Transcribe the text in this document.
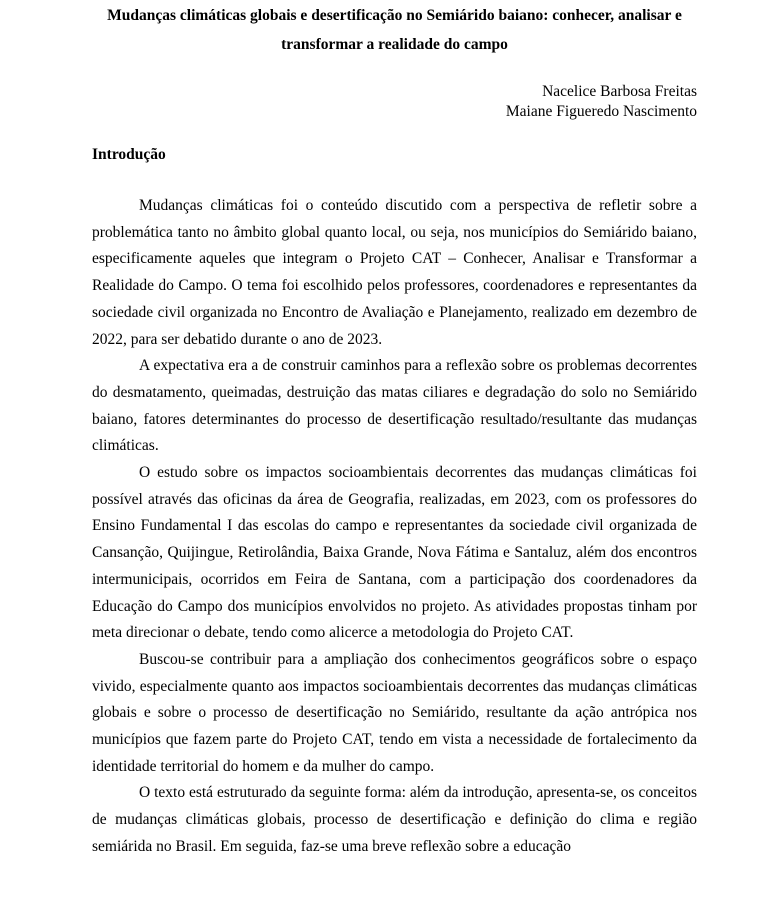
Mudanças climáticas globais e desertificação no Semiárido baiano: conhecer, analisar e transformar a realidade do campo
Nacelice Barbosa Freitas
Maiane Figueredo Nascimento
Introdução

Mudanças climáticas foi o conteúdo discutido com a perspectiva de refletir sobre a problemática tanto no âmbito global quanto local, ou seja, nos municípios do Semiárido baiano, especificamente aqueles que integram o Projeto CAT – Conhecer, Analisar e Transformar a Realidade do Campo. O tema foi escolhido pelos professores, coordenadores e representantes da sociedade civil organizada no Encontro de Avaliação e Planejamento, realizado em dezembro de 2022, para ser debatido durante o ano de 2023.

A expectativa era a de construir caminhos para a reflexão sobre os problemas decorrentes do desmatamento, queimadas, destruição das matas ciliares e degradação do solo no Semiárido baiano, fatores determinantes do processo de desertificação resultado/resultante das mudanças climáticas.

O estudo sobre os impactos socioambientais decorrentes das mudanças climáticas foi possível através das oficinas da área de Geografia, realizadas, em 2023, com os professores do Ensino Fundamental I das escolas do campo e representantes da sociedade civil organizada de Cansanção, Quijingue, Retirolândia, Baixa Grande, Nova Fátima e Santaluz, além dos encontros intermunicipais, ocorridos em Feira de Santana, com a participação dos coordenadores da Educação do Campo dos municípios envolvidos no projeto. As atividades propostas tinham por meta direcionar o debate, tendo como alicerce a metodologia do Projeto CAT.

Buscou-se contribuir para a ampliação dos conhecimentos geográficos sobre o espaço vivido, especialmente quanto aos impactos socioambientais decorrentes das mudanças climáticas globais e sobre o processo de desertificação no Semiárido, resultante da ação antrópica nos municípios que fazem parte do Projeto CAT, tendo em vista a necessidade de fortalecimento da identidade territorial do homem e da mulher do campo.

O texto está estruturado da seguinte forma: além da introdução, apresenta-se, os conceitos de mudanças climáticas globais, processo de desertificação e definição do clima e região semiárida no Brasil. Em seguida, faz-se uma breve reflexão sobre a educação
